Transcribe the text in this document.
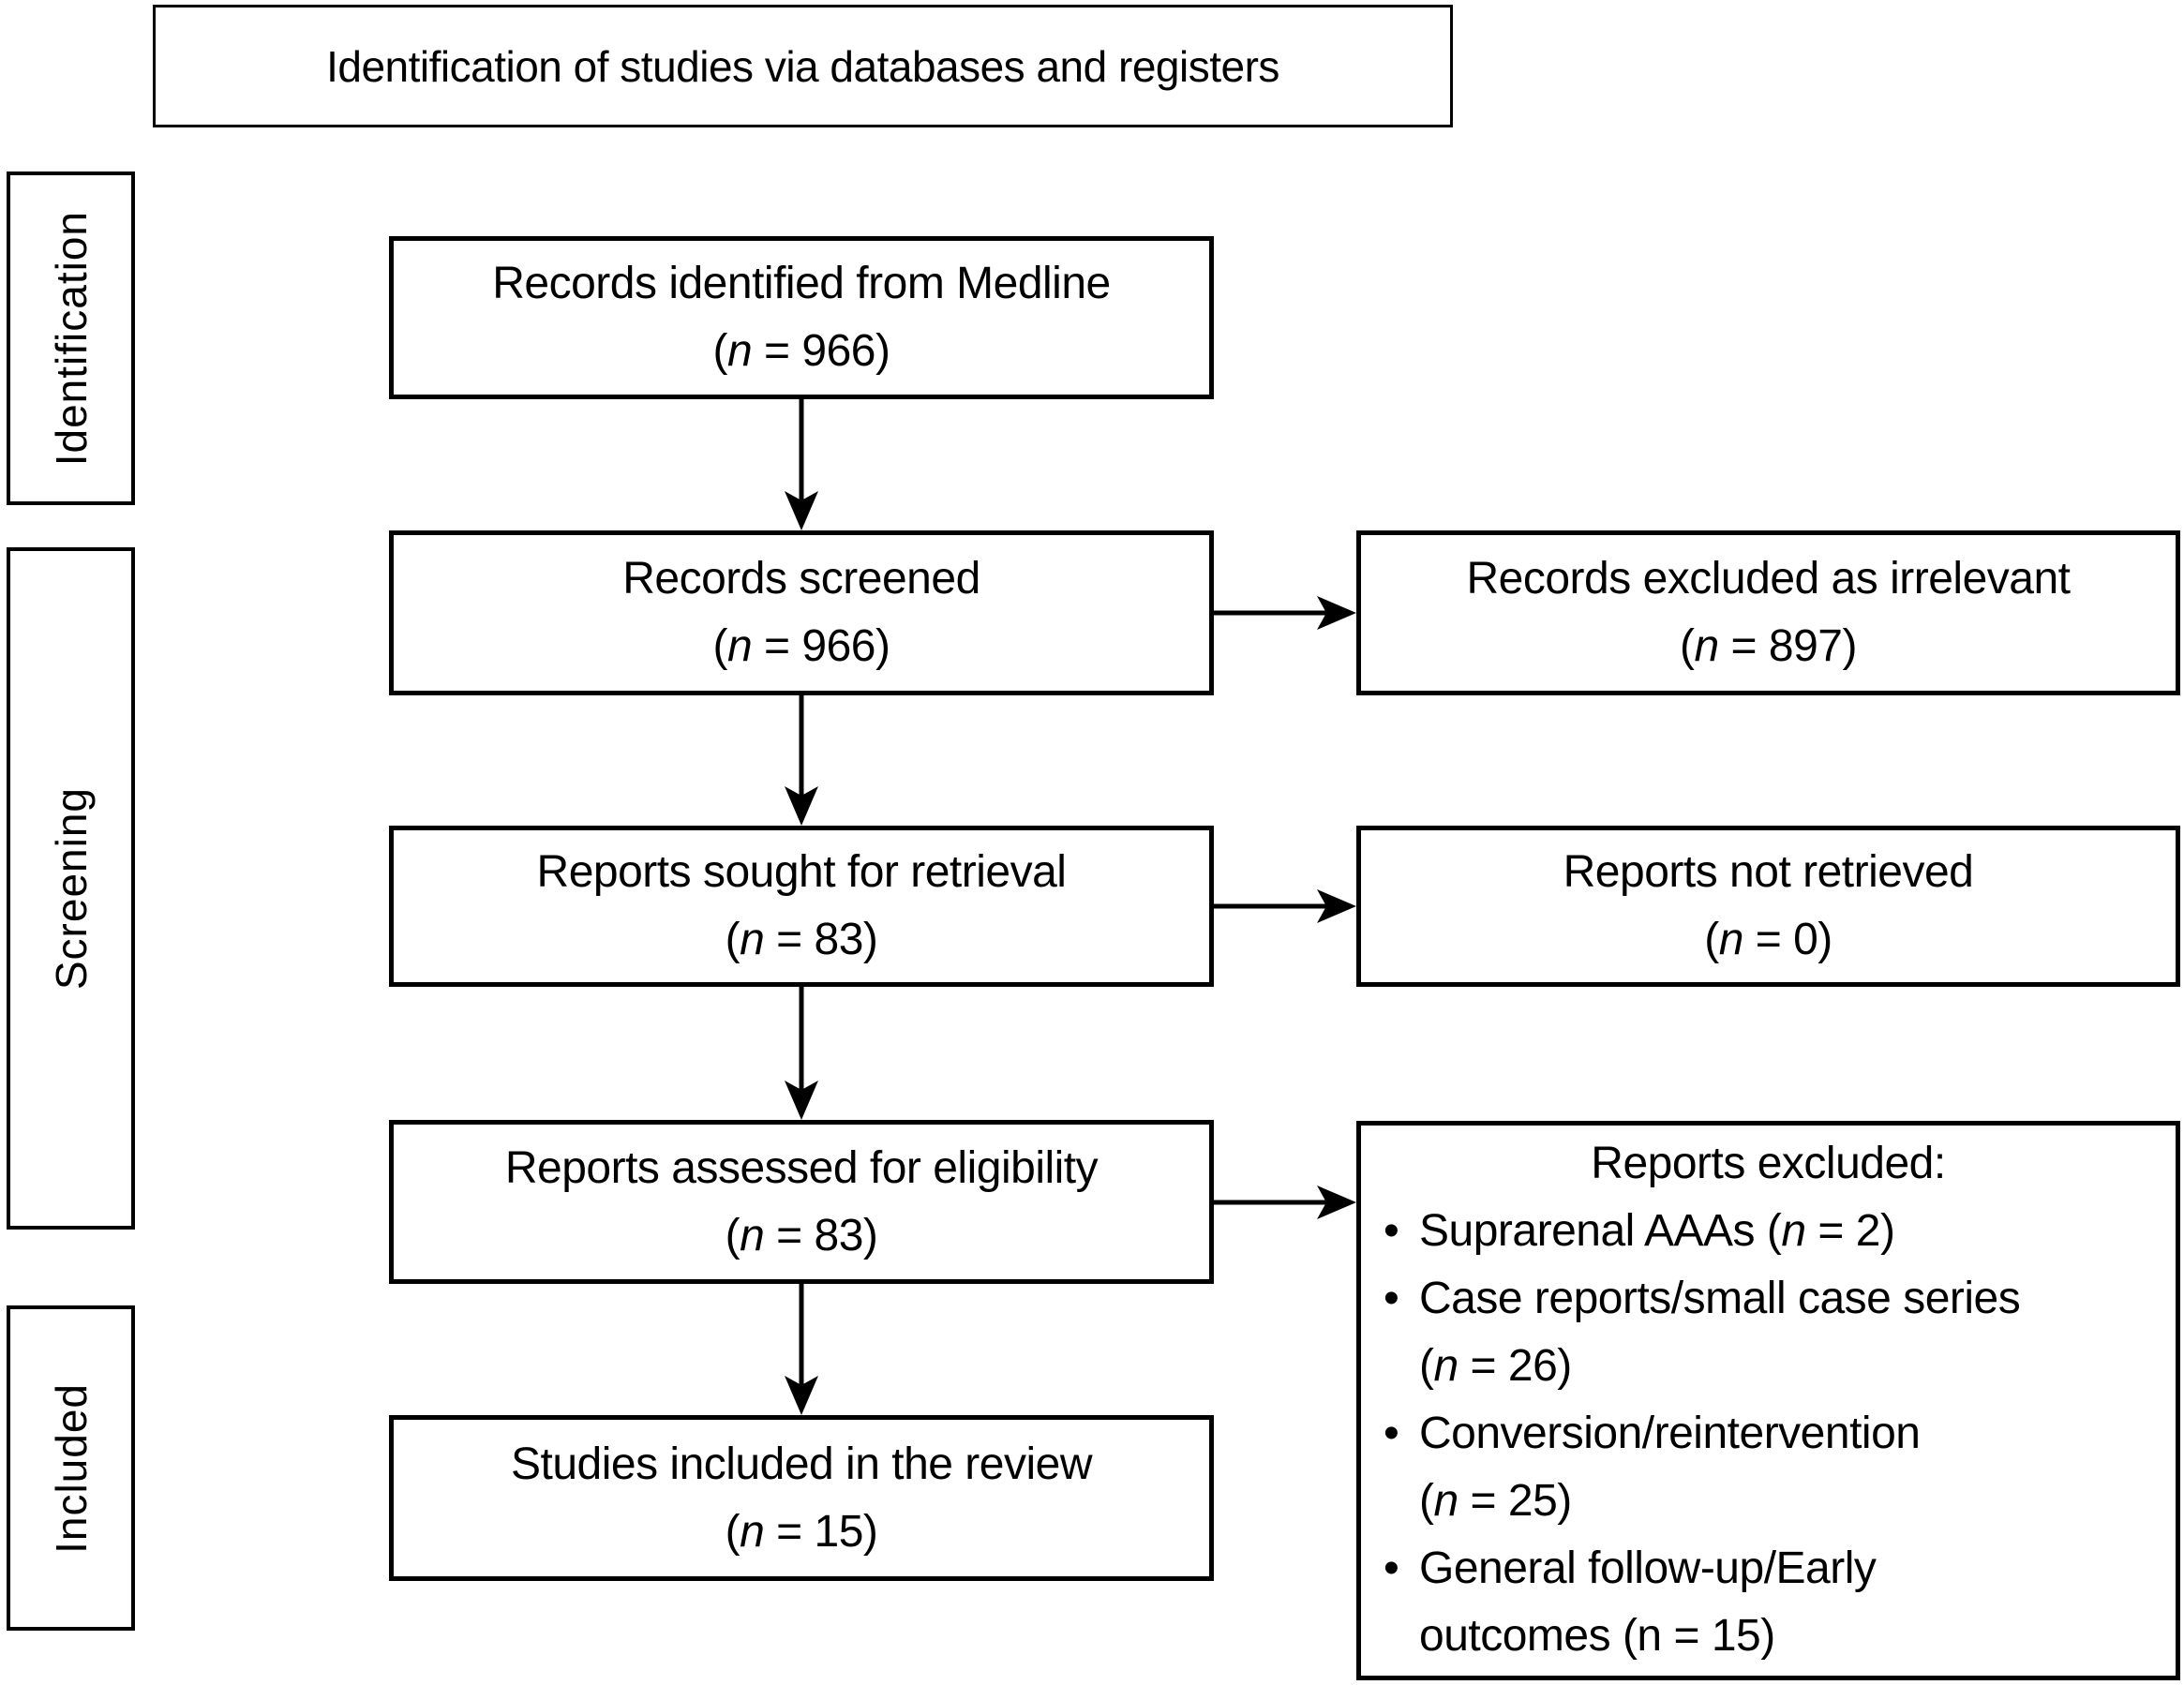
Identification of studies via databases and registers
Identification
Screening
Included
Records identified from Medline
(n = 966)
Records screened
(n = 966)
Reports sought for retrieval
(n = 83)
Reports assessed for eligibility
(n = 83)
Studies included in the review
(n = 15)
Records excluded as irrelevant
(n = 897)
Reports not retrieved
(n = 0)
Reports excluded:
• Suprarenal AAAs (n = 2)
• Case reports/small case series
(n = 26)
• Conversion/reintervention
(n = 25)
• General follow-up/Early
outcomes (n = 15)
